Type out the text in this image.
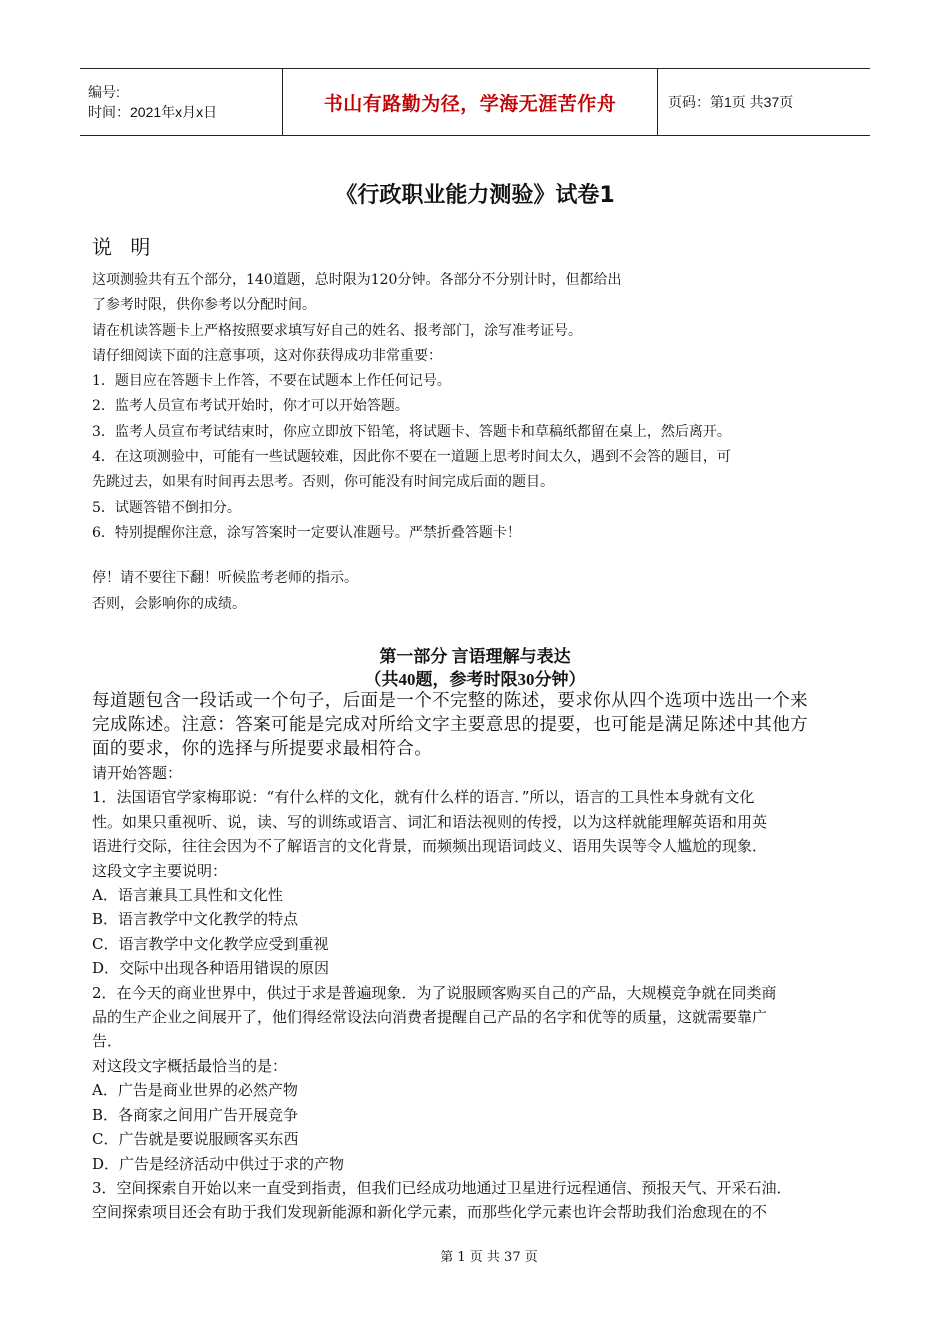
编号:
时间：2021年x月x日	书山有路勤为径，学海无涯苦作舟	页码：第1页 共37页
《行政职业能力测验》试卷1
说 明

这项测验共有五个部分，140道题，总时限为120分钟。各部分不分别计时，但都给出

了参考时限，供你参考以分配时间。

请在机读答题卡上严格按照要求填写好自己的姓名、报考部门，涂写准考证号。

请仔细阅读下面的注意事项，这对你获得成功非常重要：

1．题目应在答题卡上作答，不要在试题本上作任何记号。

2．监考人员宣布考试开始时，你才可以开始答题。

3．监考人员宣布考试结束时，你应立即放下铅笔，将试题卡、答题卡和草稿纸都留在桌上，然后离开。

4．在这项测验中，可能有一些试题较难，因此你不要在一道题上思考时间太久，遇到不会答的题目，可

先跳过去，如果有时间再去思考。否则，你可能没有时间完成后面的题目。

5．试题答错不倒扣分。

6．特别提醒你注意，涂写答案时一定要认准题号。严禁折叠答题卡！

停！请不要往下翻！听候监考老师的指示。

否则，会影响你的成绩。

第一部分 言语理解与表达
（共40题，参考时限30分钟）

每道题包含一段话或一个句子，后面是一个不完整的陈述，要求你从四个选项中选出一个来

完成陈述。注意：答案可能是完成对所给文字主要意思的提要，也可能是满足陈述中其他方

面的要求，你的选择与所提要求最相符合。

请开始答题：

1．法国语官学家梅耶说：“有什么样的文化，就有什么样的语言．”所以，语言的工具性本身就有文化

性。如果只重视听、说，读、写的训练或语言、词汇和语法视则的传授，以为这样就能理解英语和用英

语进行交际，往往会因为不了解语言的文化背景，而频频出现语词歧义、语用失误等令人尴尬的现象．

这段文字主要说明：

A．语言兼具工具性和文化性

B．语言教学中文化教学的特点

C．语言教学中文化教学应受到重视

D．交际中出现各种语用错误的原因

2．在今天的商业世界中，供过于求是普遍现象．为了说服顾客购买自己的产品，大规模竞争就在同类商

品的生产企业之间展开了，他们得经常设法向消费者提醒自己产品的名字和优等的质量，这就需要靠广

告．

对这段文字概括最恰当的是：

A．广告是商业世界的必然产物

B．各商家之间用广告开展竞争

C．广告就是要说服顾客买东西

D．广告是经济活动中供过于求的产物

3．空间探索自开始以来一直受到指责，但我们已经成功地通过卫星进行远程通信、预报天气、开采石油．

空间探索项目还会有助于我们发现新能源和新化学元素，而那些化学元素也许会帮助我们治愈现在的不

第 1 页 共 37 页
